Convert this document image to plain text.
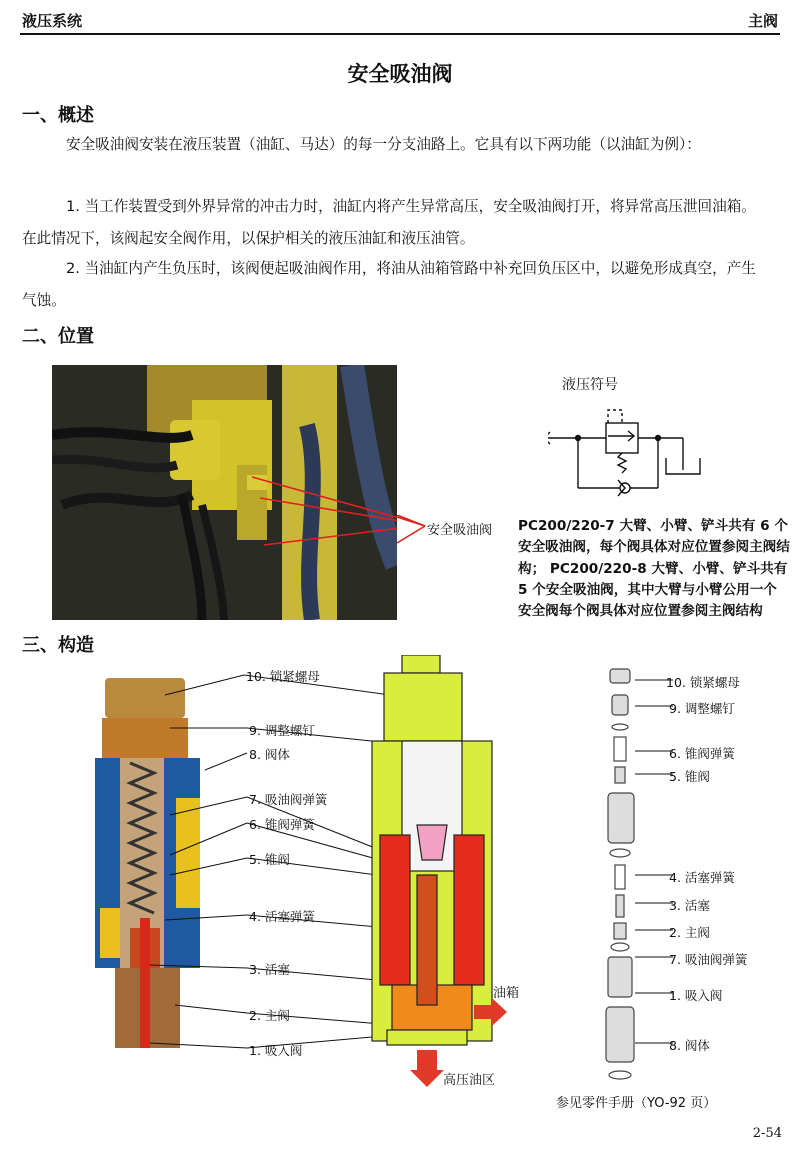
液压系统	主阀
安全吸油阀
一、概述
安全吸油阀安装在液压装置（油缸、马达）的每一分支油路上。它具有以下两功能（以油缸为例）：
1. 当工作装置受到外界异常的冲击力时，油缸内将产生异常高压，安全吸油阀打开，将异常高压泄回油箱。在此情况下，该阀起安全阀作用，以保护相关的液压油缸和液压油管。
2. 当油缸内产生负压时，该阀便起吸油阀作用，将油从油箱管路中补充回负压区中，以避免形成真空，产生气蚀。
二、位置
安全吸油阀
液压符号
PC200/220-7 大臂、小臂、铲斗共有 6 个安全吸油阀，每个阀具体对应位置参阅主阀结构； PC200/220-8 大臂、小臂、铲斗共有 5 个安全吸油阀，其中大臂与小臂公用一个安全阀每个阀具体对应位置参阅主阀结构
三、构造
10. 锁紧螺母
9. 调整螺钉
8. 阀体
7. 吸油阀弹簧
6. 锥阀弹簧
5. 锥阀
4. 活塞弹簧
3. 活塞
2. 主阀
1. 吸入阀
油箱
高压油区
10. 锁紧螺母
9. 调整螺钉
6. 锥阀弹簧
5. 锥阀
4. 活塞弹簧
3. 活塞
2. 主阀
7. 吸油阀弹簧
1. 吸入阀
8. 阀体
参见零件手册（YO-92 页）
2-54
